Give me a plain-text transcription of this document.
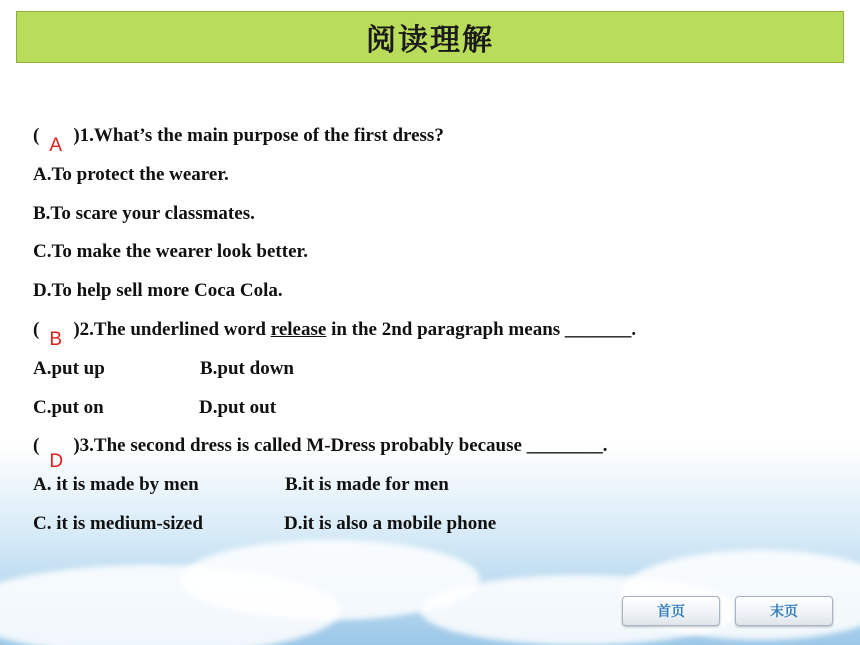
阅读理解
( A )1.What’s the main purpose of the first dress?
A.To protect the wearer.
B.To scare your classmates.
C.To make the wearer look better.
D.To help sell more Coca Cola.
( B )2.The underlined word release in the 2nd paragraph means _______.
A.put up	B.put down
C.put on	D.put out
(
D
)3.The second dress is called M-Dress probably because ________.
A. it is made by men	B.it is made for men
C. it is medium-sized	D.it is also a mobile phone
首页	末页
